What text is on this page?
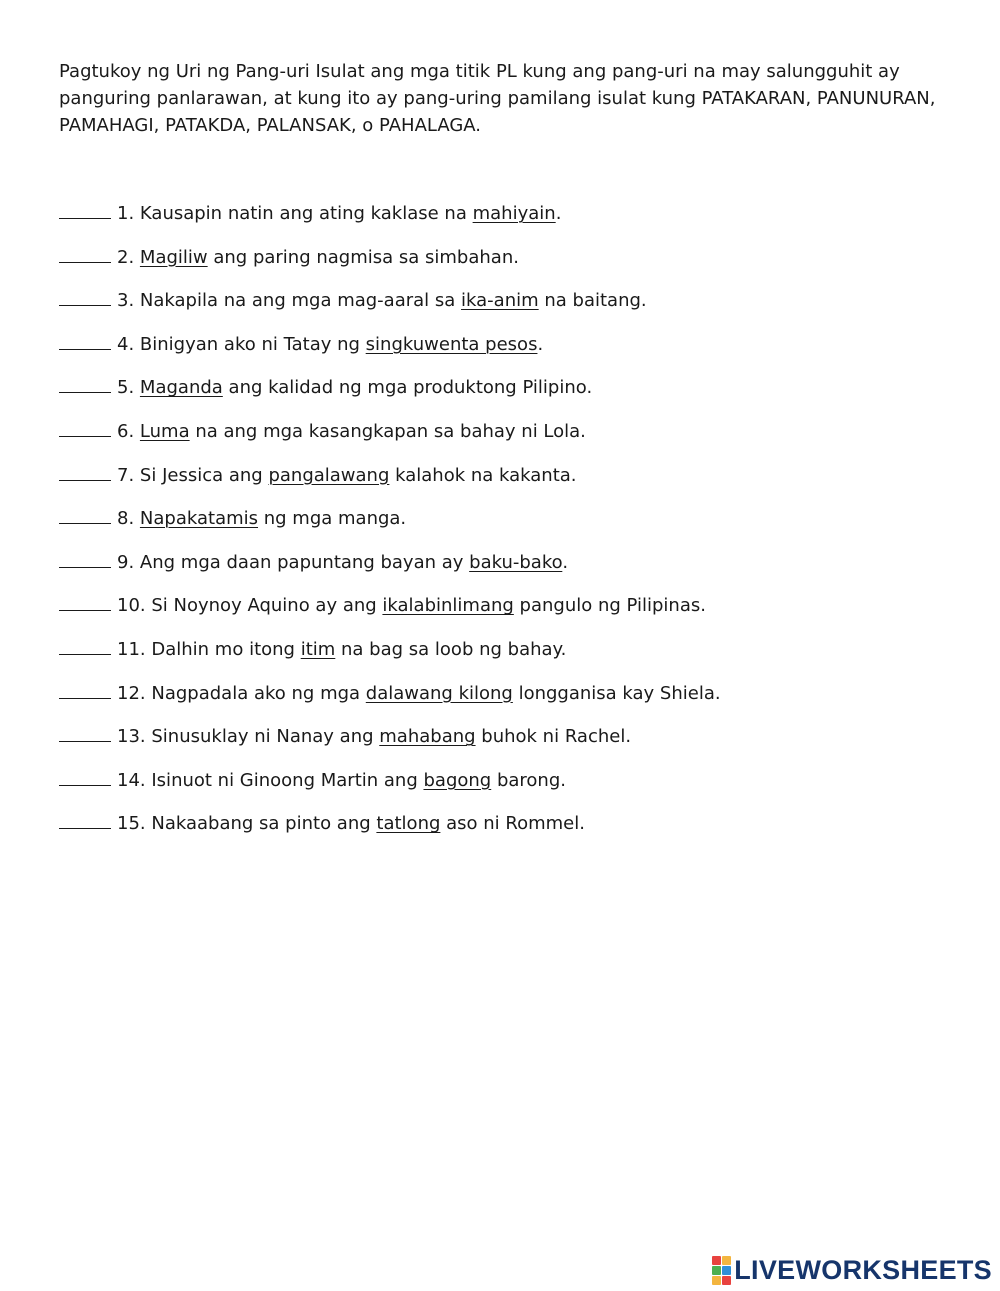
Pagtukoy ng Uri ng Pang-uri Isulat ang mga titik PL kung ang pang-uri na may salungguhit ay panguring panlarawan, at kung ito ay pang-uring pamilang isulat kung PATAKARAN, PANUNURAN, PAMAHAGI, PATAKDA, PALANSAK, o PAHALAGA.

1. Kausapin natin ang ating kaklase na mahiyain.
2. Magiliw ang paring nagmisa sa simbahan.
3. Nakapila na ang mga mag-aaral sa ika-anim na baitang.
4. Binigyan ako ni Tatay ng singkuwenta pesos.
5. Maganda ang kalidad ng mga produktong Pilipino.
6. Luma na ang mga kasangkapan sa bahay ni Lola.
7. Si Jessica ang pangalawang kalahok na kakanta.
8. Napakatamis ng mga manga.
9. Ang mga daan papuntang bayan ay baku-bako.
10. Si Noynoy Aquino ay ang ikalabinlimang pangulo ng Pilipinas.
11. Dalhin mo itong itim na bag sa loob ng bahay.
12. Nagpadala ako ng mga dalawang kilong longganisa kay Shiela.
13. Sinusuklay ni Nanay ang mahabang buhok ni Rachel.
14. Isinuot ni Ginoong Martin ang bagong barong.
15. Nakaabang sa pinto ang tatlong aso ni Rommel.
LIVEWORKSHEETS
